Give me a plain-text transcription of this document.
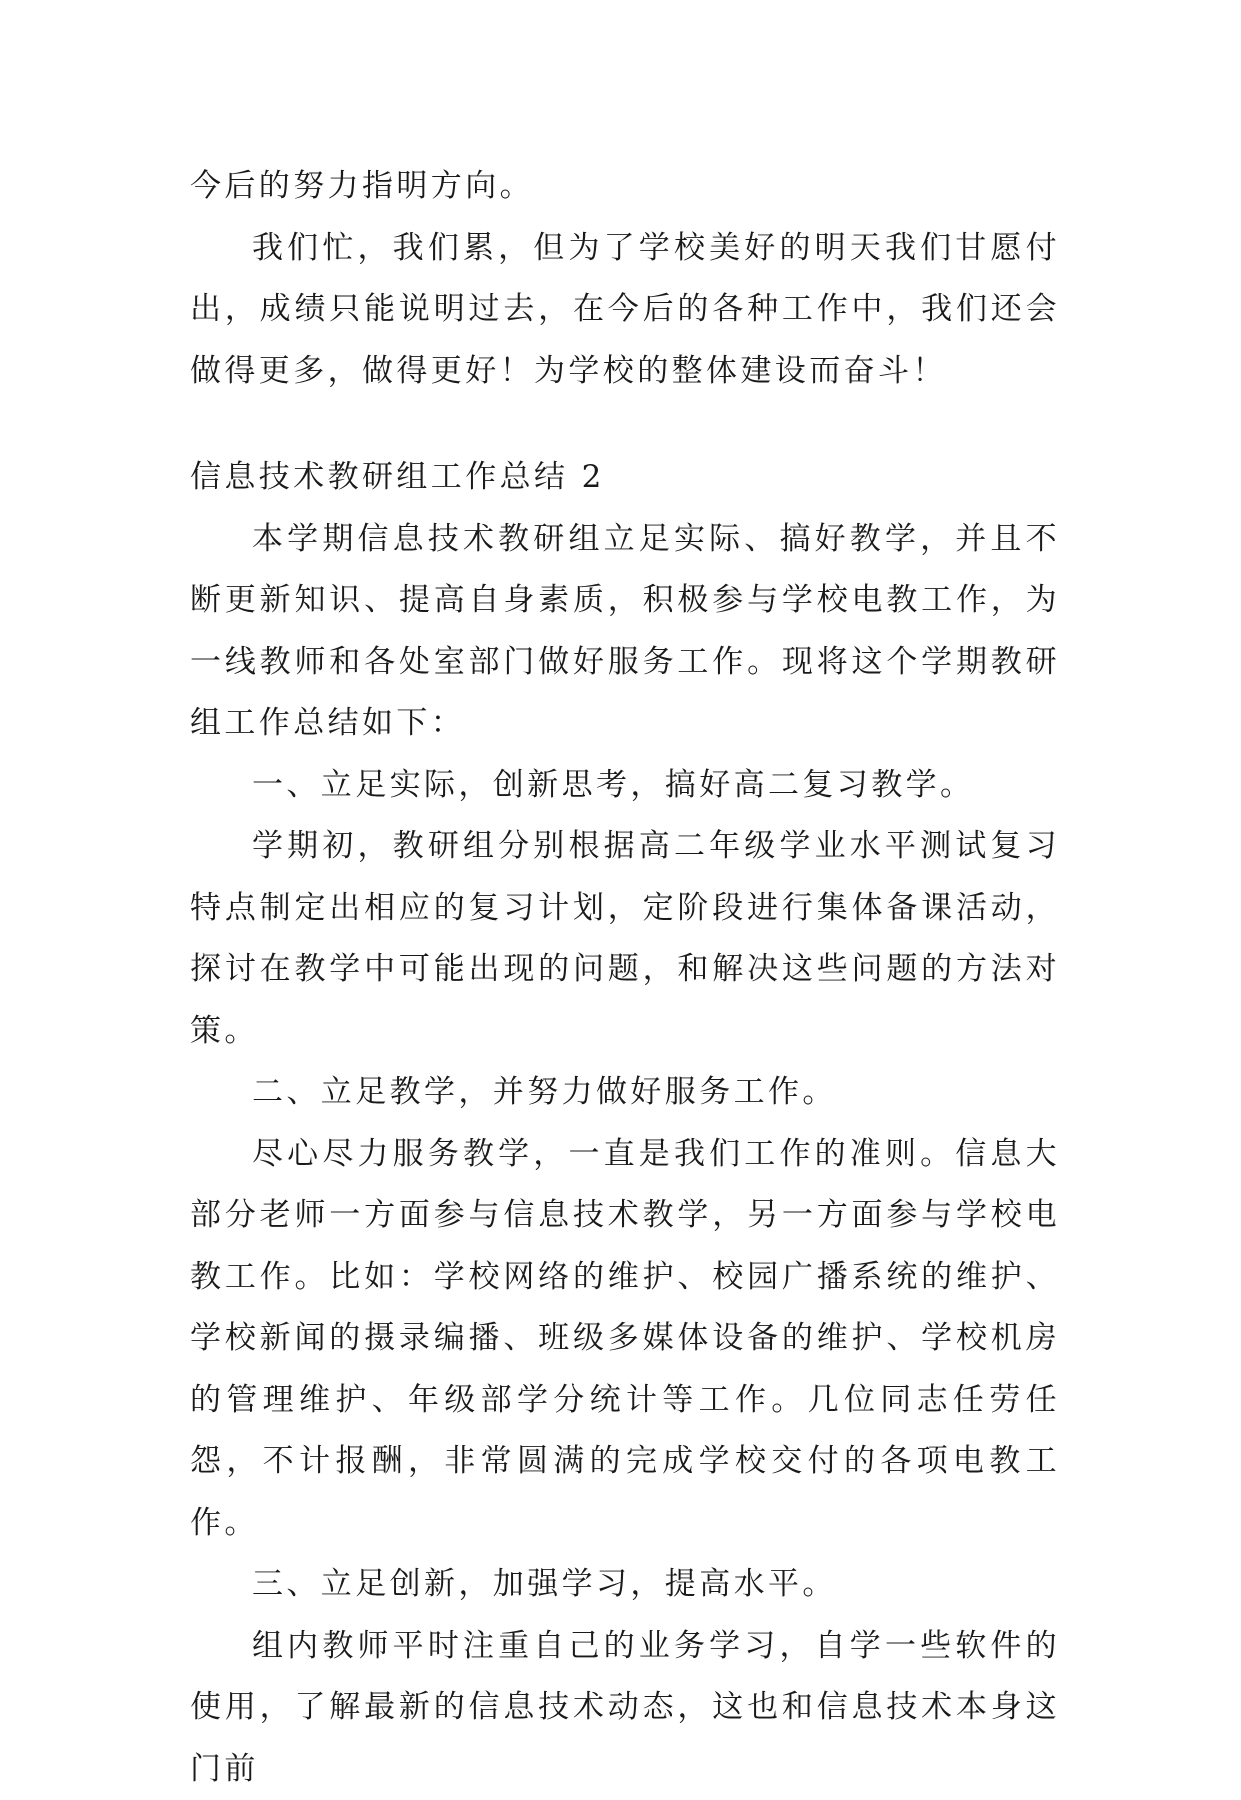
今后的努力指明方向。

我们忙，我们累，但为了学校美好的明天我们甘愿付出，成绩只能说明过去，在今后的各种工作中，我们还会做得更多，做得更好！为学校的整体建设而奋斗！

信息技术教研组工作总结 2

本学期信息技术教研组立足实际、搞好教学，并且不断更新知识、提高自身素质，积极参与学校电教工作，为一线教师和各处室部门做好服务工作。现将这个学期教研组工作总结如下：

一、立足实际，创新思考，搞好高二复习教学。

学期初，教研组分别根据高二年级学业水平测试复习特点制定出相应的复习计划，定阶段进行集体备课活动，探讨在教学中可能出现的问题，和解决这些问题的方法对策。

二、立足教学，并努力做好服务工作。

尽心尽力服务教学，一直是我们工作的准则。信息大部分老师一方面参与信息技术教学，另一方面参与学校电教工作。比如：学校网络的维护、校园广播系统的维护、学校新闻的摄录编播、班级多媒体设备的维护、学校机房的管理维护、年级部学分统计等工作。几位同志任劳任怨，不计报酬，非常圆满的完成学校交付的各项电教工作。

三、立足创新，加强学习，提高水平。

组内教师平时注重自己的业务学习，自学一些软件的使用，了解最新的信息技术动态，这也和信息技术本身这门前
